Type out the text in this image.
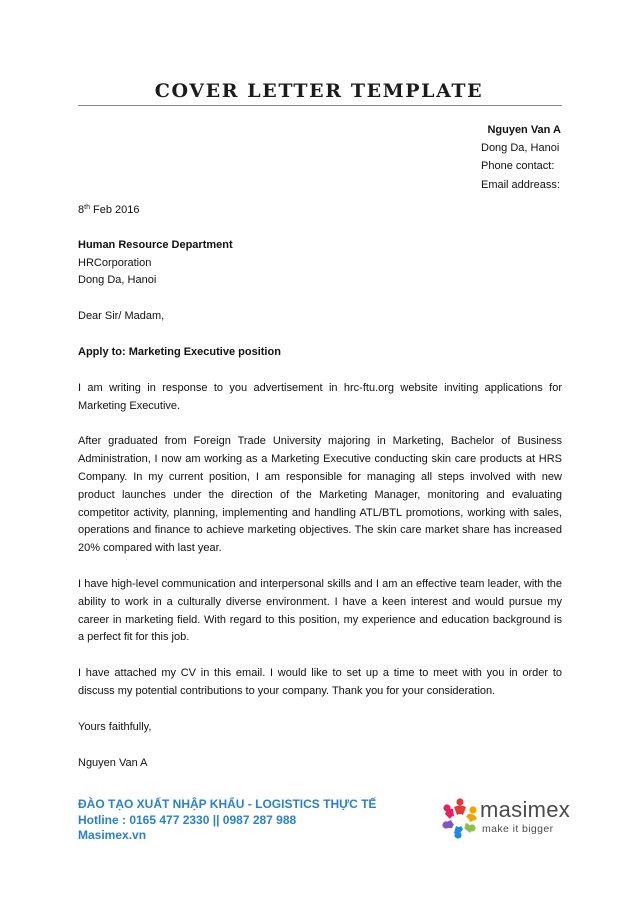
COVER LETTER TEMPLATE
Nguyen Van A
Dong Da, Hanoi
Phone contact:
Email addreass:

8th Feb 2016

Human Resource Department
HRCorporation
Dong Da, Hanoi

Dear Sir/ Madam,

Apply to: Marketing Executive position

I am writing in response to you advertisement in hrc-ftu.org website inviting applications for Marketing Executive.

After graduated from Foreign Trade University majoring in Marketing, Bachelor of Business Administration, I now am working as a Marketing Executive conducting skin care products at HRS Company. In my current position, I am responsible for managing all steps involved with new product launches under the direction of the Marketing Manager, monitoring and evaluating competitor activity, planning, implementing and handling ATL/BTL promotions, working with sales, operations and finance to achieve marketing objectives. The skin care market share has increased 20% compared with last year.

I have high-level communication and interpersonal skills and I am an effective team leader, with the ability to work in a culturally diverse environment. I have a keen interest and would pursue my career in marketing field. With regard to this position, my experience and education background is a perfect fit for this job.

I have attached my CV in this email. I would like to set up a time to meet with you in order to discuss my potential contributions to your company. Thank you for your consideration.

Yours faithfully,

Nguyen Van A

ĐÀO TẠO XUẤT NHẬP KHẨU - LOGISTICS THỰC TẾ
Hotline : 0165 477 2330 || 0987 287 988
Masimex.vn
masimex
make it bigger
